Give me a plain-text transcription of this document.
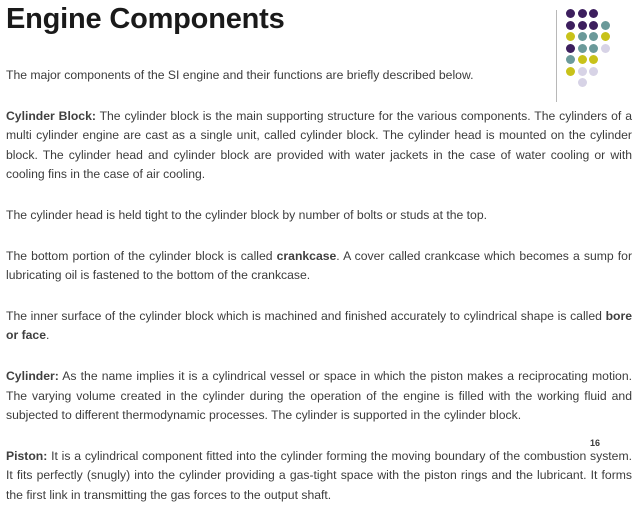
Engine Components

The major components of the SI engine and their functions are briefly described below.

Cylinder Block: The cylinder block is the main supporting structure for the various components. The cylinders of a multi cylinder engine are cast as a single unit, called cylinder block. The cylinder head is mounted on the cylinder block. The cylinder head and cylinder block are provided with water jackets in the case of water cooling or with cooling fins in the case of air cooling.

The cylinder head is held tight to the cylinder block by number of bolts or studs at the top.

The bottom portion of the cylinder block is called crankcase. A cover called crankcase which becomes a sump for lubricating oil is fastened to the bottom of the crankcase.

The inner surface of the cylinder block which is machined and finished accurately to cylindrical shape is called bore or face.

Cylinder: As the name implies it is a cylindrical vessel or space in which the piston makes a reciprocating motion. The varying volume created in the cylinder during the operation of the engine is filled with the working fluid and subjected to different thermodynamic processes. The cylinder is supported in the cylinder block.

Piston: It is a cylindrical component fitted into the cylinder forming the moving boundary of the combustion system. It fits perfectly (snugly) into the cylinder providing a gas-tight space with the piston rings and the lubricant. It forms the first link in transmitting the gas forces to the output shaft.

16
